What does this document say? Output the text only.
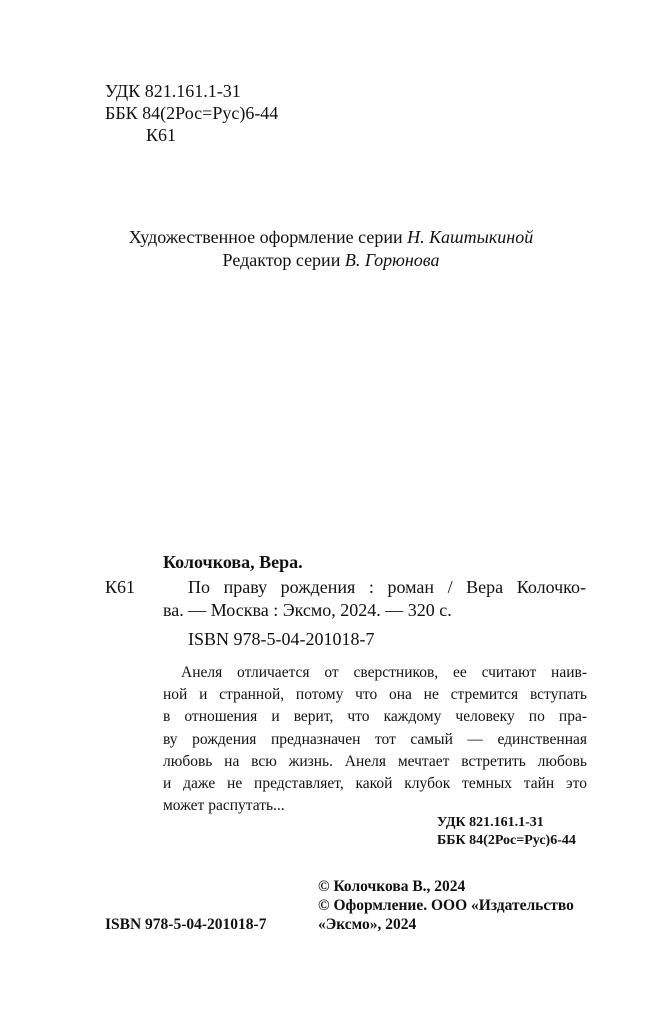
УДК 821.161.1-31
ББК 84(2Рос=Рус)6-44
К61
Художественное оформление серии Н. Каштыкиной
Редактор серии В. Горюнова
Колочкова, Вера.
К61	По праву рождения : роман / Вера Колочко-
ва. — Москва : Эксмо, 2024. — 320 с.
ISBN 978-5-04-201018-7
Анеля отличается от сверстников, ее считают наив-
ной и странной, потому что она не стремится вступать
в отношения и верит, что каждому человеку по пра-
ву рождения предназначен тот самый — единственная
любовь на всю жизнь. Анеля мечтает встретить любовь
и даже не представляет, какой клубок темных тайн это
может распутать...
УДК 821.161.1-31
ББК 84(2Рос=Рус)6-44
© Колочкова В., 2024
© Оформление. ООО «Издательство
«Эксмо», 2024
ISBN 978-5-04-201018-7
